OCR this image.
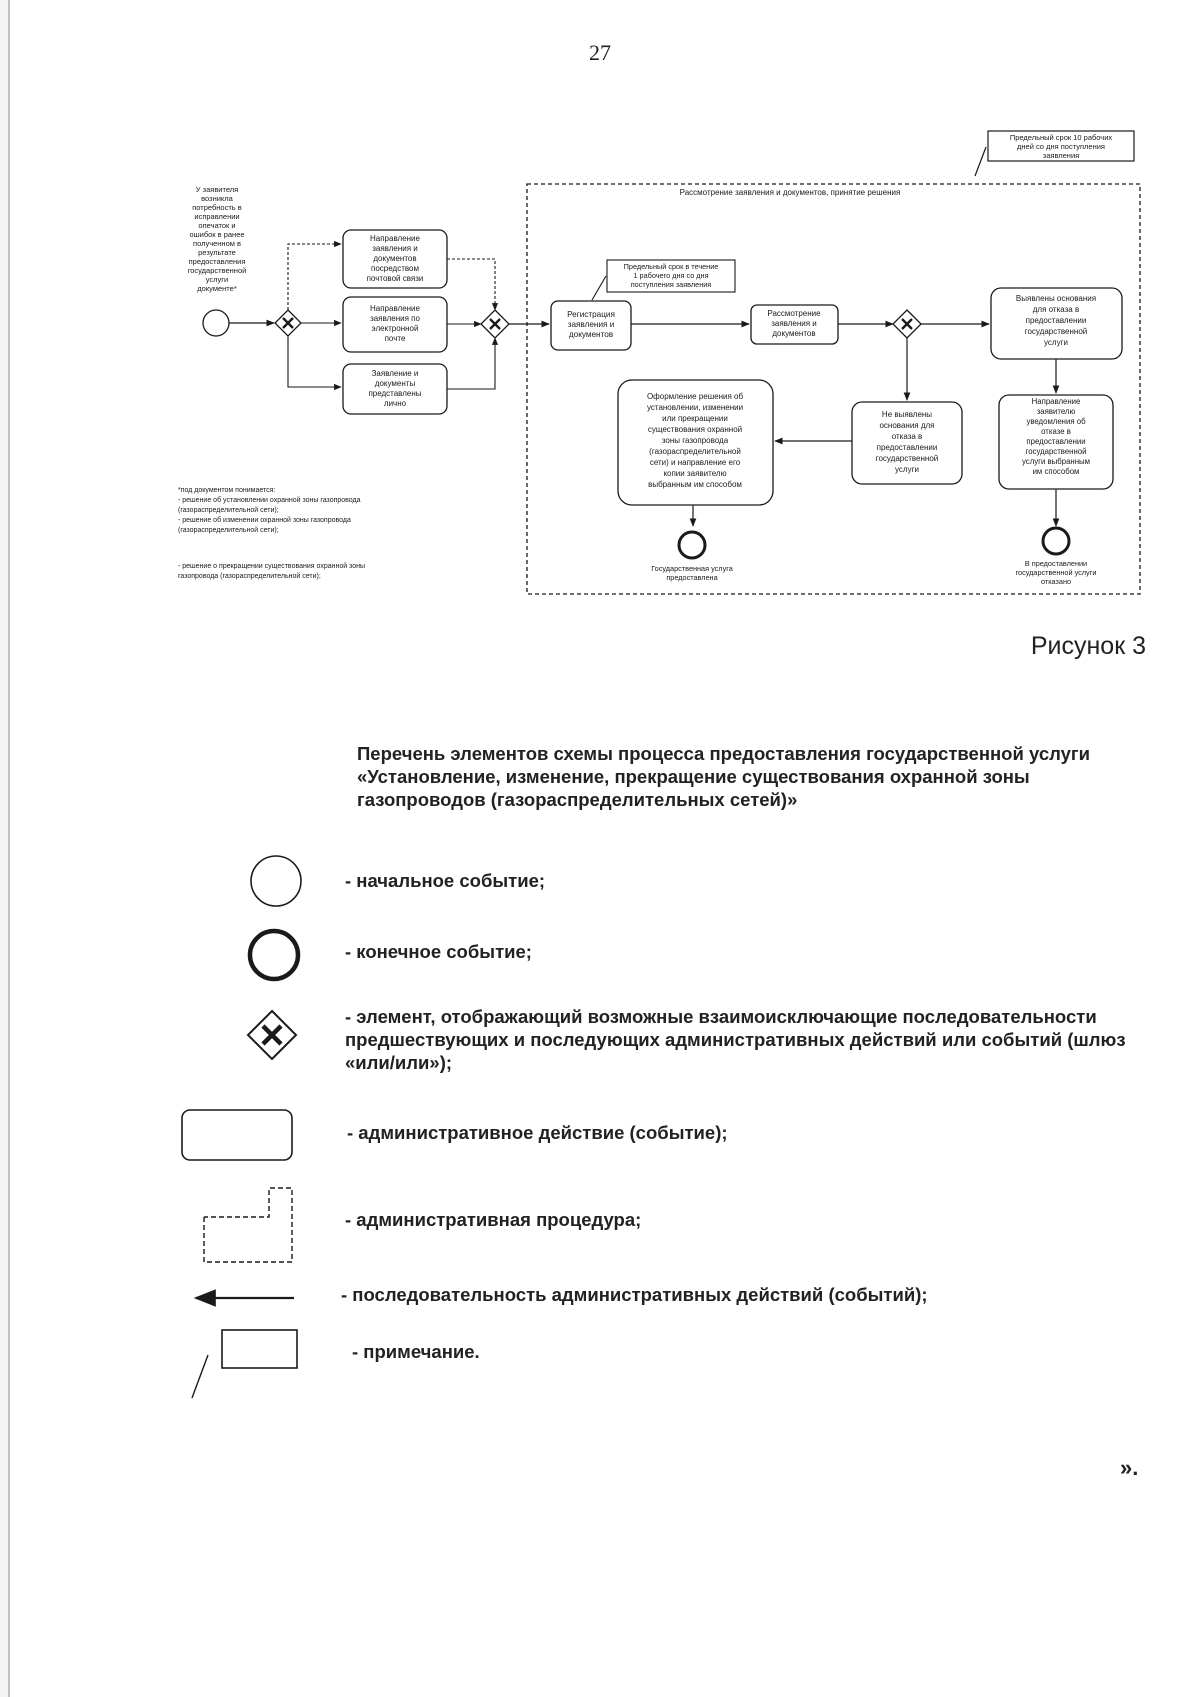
27
Рассмотрение заявления и документов, принятие решения
Предельный срок 10 рабочих
дней со дня поступления
заявления
У заявителя
возникла
потребность в
исправлении
опечаток и
ошибок в ранее
полученном в
результате
предоставления
государственной
услуги
документе*
Направление
заявления и
документов
посредством
почтовой связи
Направление
заявления по
электронной
почте
Заявление и
документы
представлены
лично
Предельный срок в течение
1 рабочего дня со дня
поступления заявления
Регистрация
заявления и
документов
Рассмотрение
заявления и
документов
Выявлены основания
для отказа в
предоставлении
государственной
услуги
Направление
заявителю
уведомления об
отказе в
предоставлении
государственной
услуги выбранным
им способом
В предоставлении
государственной услуги
отказано
Не выявлены
основания для
отказа в
предоставлении
государственной
услуги
Оформление решения об
установлении, изменении
или прекращении
существования охранной
зоны газопровода
(газораспределительной
сети) и направление его
копии заявителю
выбранным им способом
Государственная услуга
предоставлена
*под документом понимается:
- решение об установлении охранной зоны газопровода
(газораспределительной сети);
- решение об изменении охранной зоны газопровода
(газораспределительной сети);
- решение о прекращении существования охранной зоны
газопровода (газораспределительной сети);
Рисунок 3
Перечень элементов схемы процесса предоставления государственной услуги «Установление, изменение, прекращение существования охранной зоны газопроводов (газораспределительных сетей)»
- начальное событие;
- конечное событие;
- элемент, отображающий возможные взаимоисключающие последовательности предшествующих и последующих административных действий или событий (шлюз «или/или»);
- административное действие (событие);
- административная процедура;
- последовательность административных действий (событий);
- примечание.
».
